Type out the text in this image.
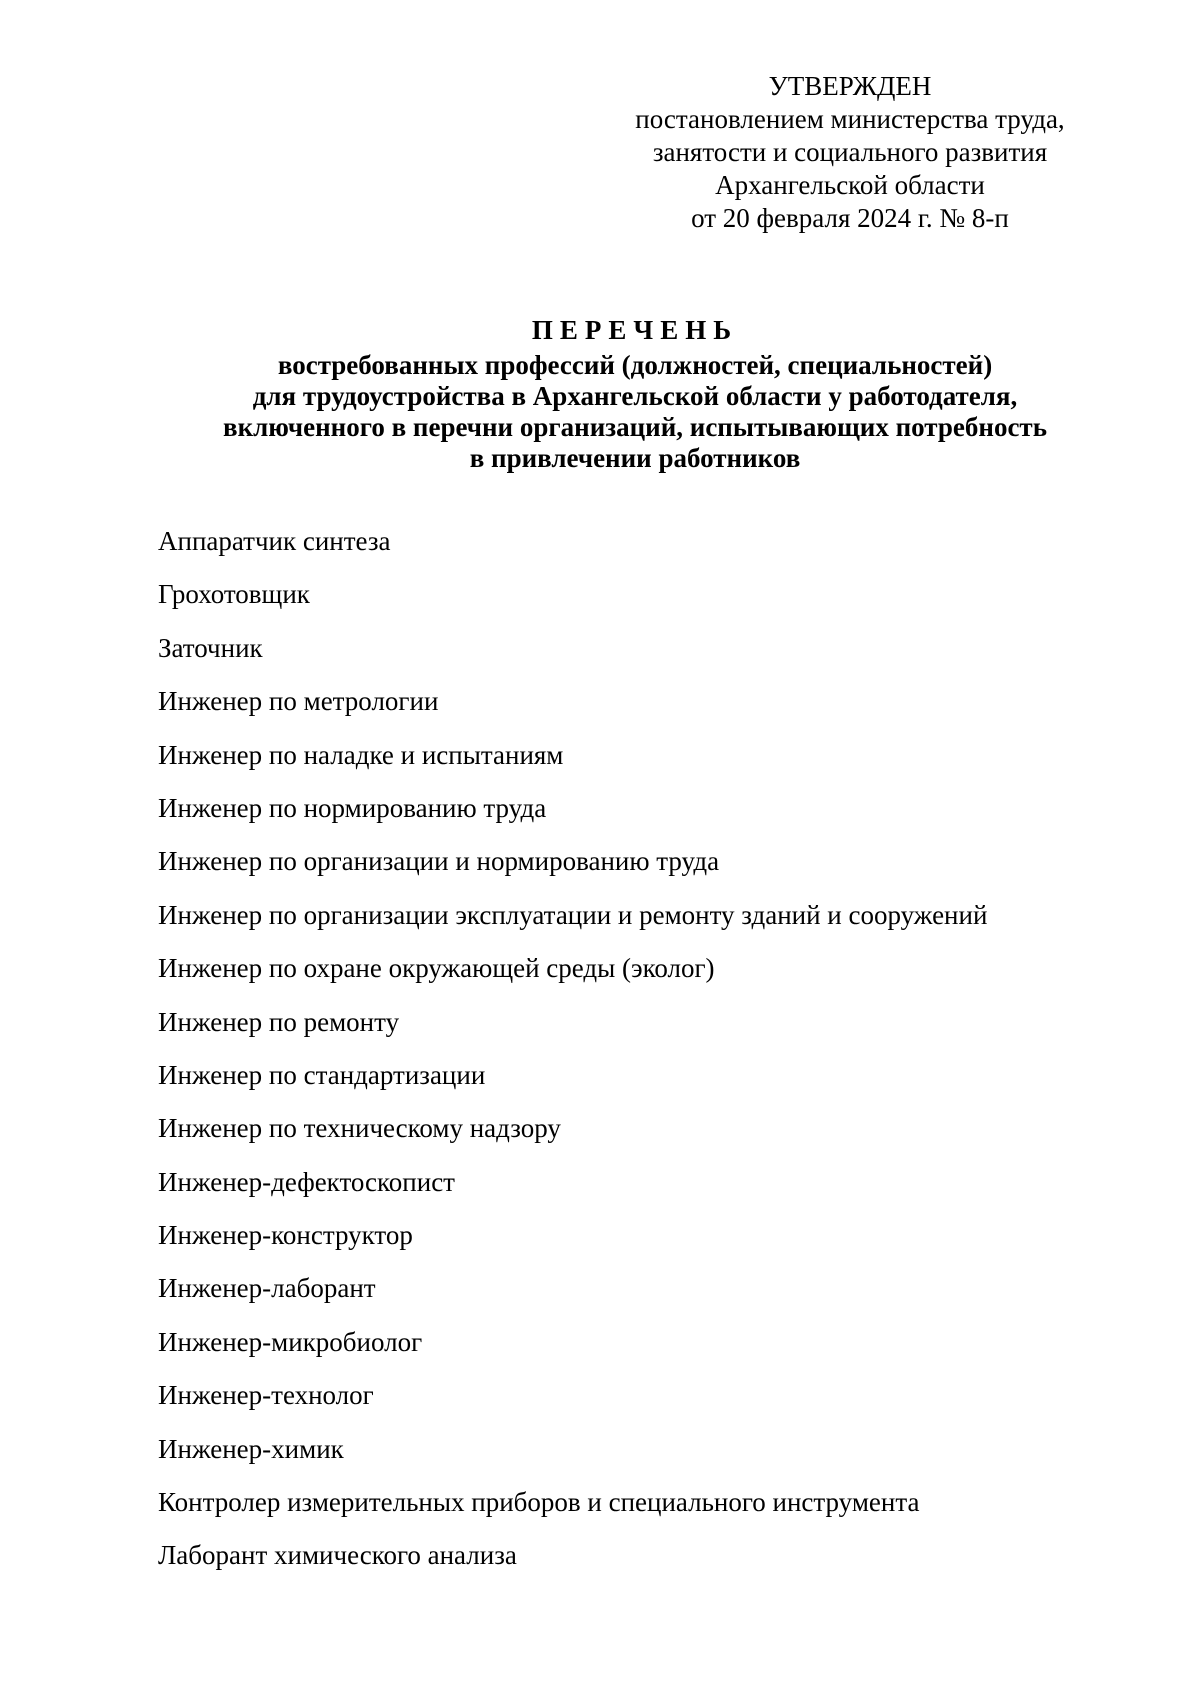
УТВЕРЖДЕН
постановлением министерства труда,
занятости и социального развития
Архангельской области
от 20 февраля 2024 г. № 8-п
ПЕРЕЧЕНЬ
востребованных профессий (должностей, специальностей)
для трудоустройства в Архангельской области у работодателя,
включенного в перечни организаций, испытывающих потребность
в привлечении работников
Аппаратчик синтеза
Грохотовщик
Заточник
Инженер по метрологии
Инженер по наладке и испытаниям
Инженер по нормированию труда
Инженер по организации и нормированию труда
Инженер по организации эксплуатации и ремонту зданий и сооружений
Инженер по охране окружающей среды (эколог)
Инженер по ремонту
Инженер по стандартизации
Инженер по техническому надзору
Инженер-дефектоскопист
Инженер-конструктор
Инженер-лаборант
Инженер-микробиолог
Инженер-технолог
Инженер-химик
Контролер измерительных приборов и специального инструмента
Лаборант химического анализа
